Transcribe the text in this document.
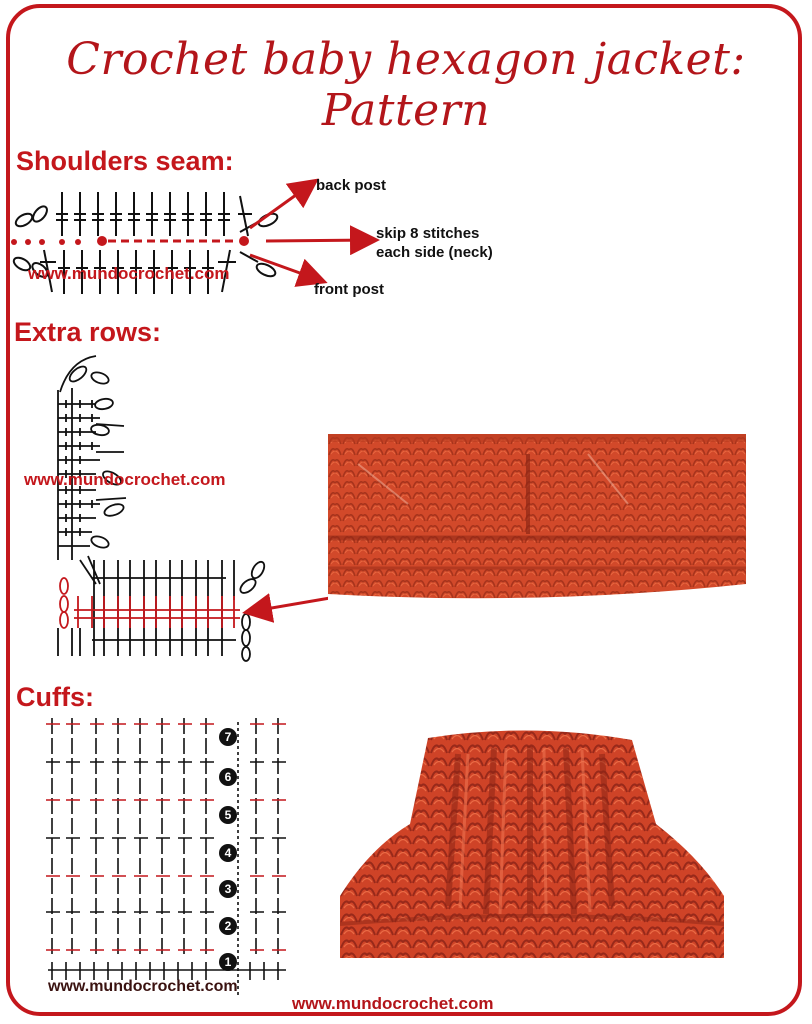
Crochet baby hexagon jacket: Pattern
Shoulders seam:
Extra rows:
Cuffs:
7
6
5
4
3
2
1
back post
skip 8 stitches
each side (neck)
front post
www.mundocrochet.com
www.mundocrochet.com
www.mundocrochet.com
www.mundocrochet.com
